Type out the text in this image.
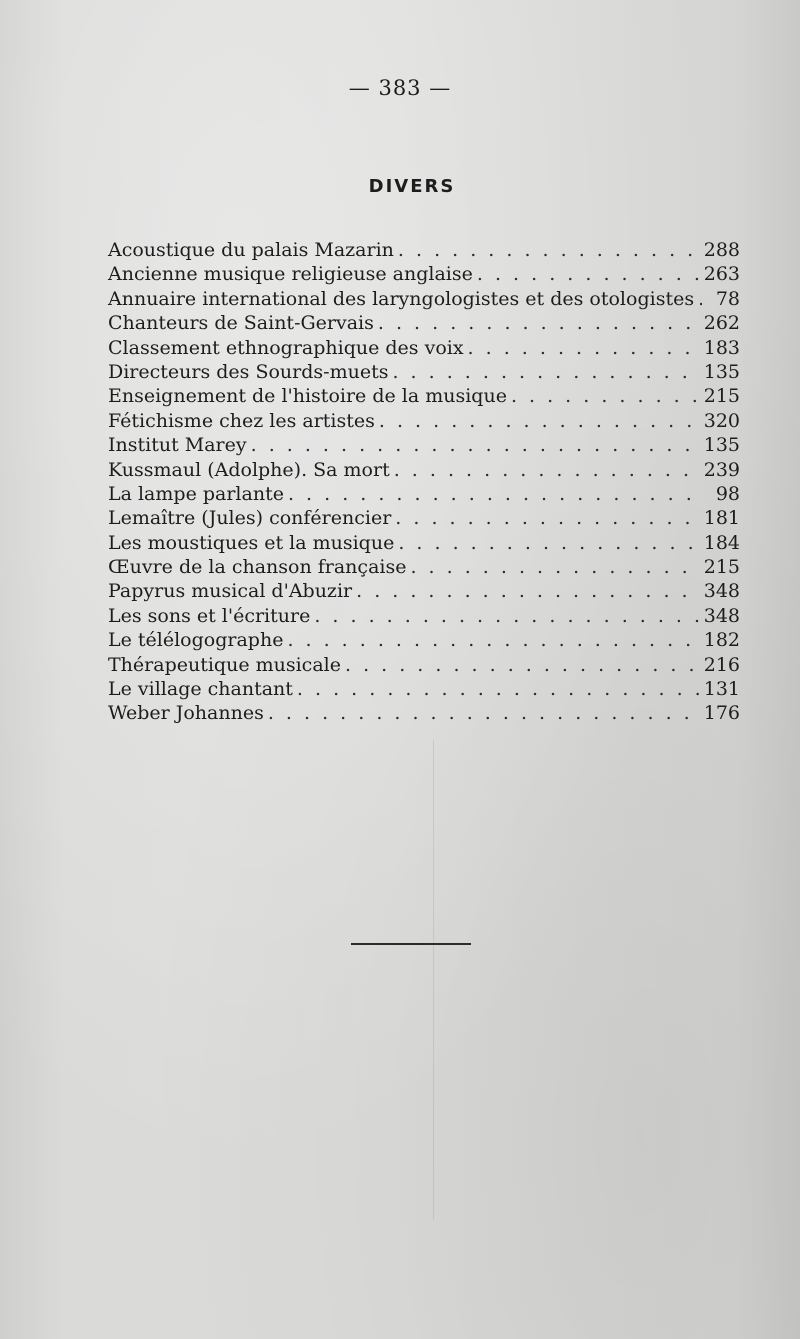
— 383 —
DIVERS
Acoustique du palais Mazarin . . .	288
Ancienne musique religieuse anglaise . . .	263
Annuaire international des laryngologistes et des otologistes . . .	78
Chanteurs de Saint-Gervais . . .	262
Classement ethnographique des voix . . .	183
Directeurs des Sourds-muets . . .	135
Enseignement de l'histoire de la musique . . .	215
Fétichisme chez les artistes . . .	320
Institut Marey . . .	135
Kussmaul (Adolphe). Sa mort . . .	239
La lampe parlante . . .	98
Lemaître (Jules) conférencier . . .	181
Les moustiques et la musique . . .	184
Œuvre de la chanson française . . .	215
Papyrus musical d'Abuzir . . .	348
Les sons et l'écriture . . .	348
Le télélogographe . . .	182
Thérapeutique musicale . . .	216
Le village chantant . . .	131
Weber Johannes . . .	176
